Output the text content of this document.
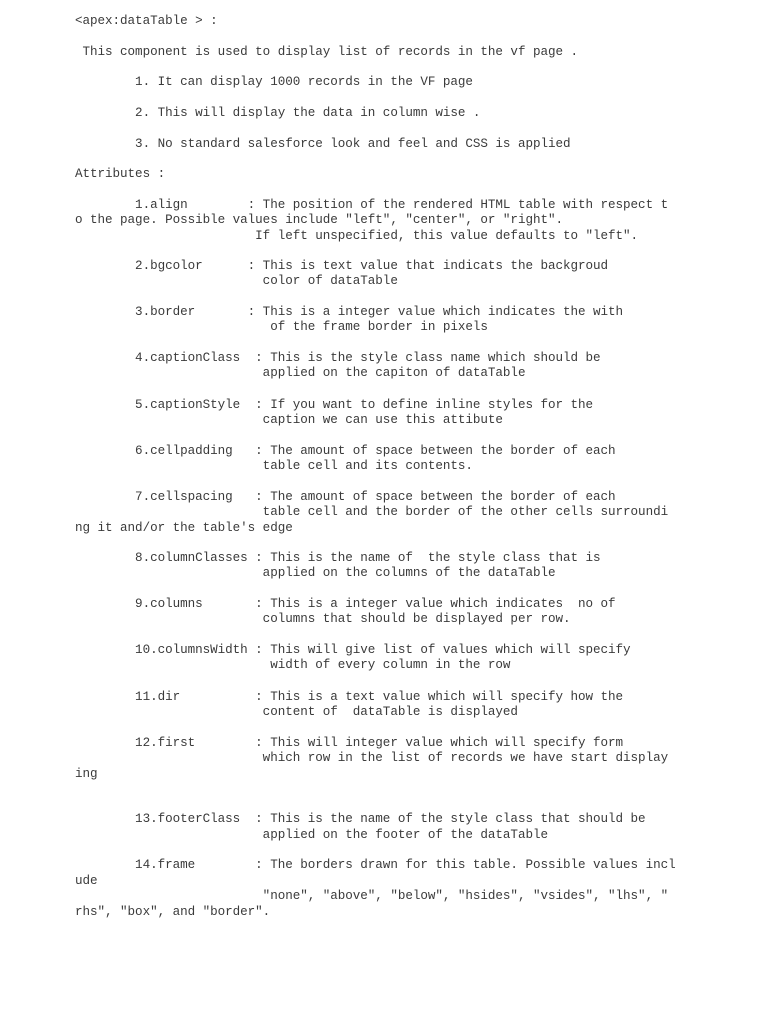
<apex:dataTable > :

This component is used to display list of records in the vf page .

1. It can display 1000 records in the VF page

2. This will display the data in column wise .

3. No standard salesforce look and feel and CSS is applied

Attributes :

1.align        : The position of the rendered HTML table with respect t

o the page. Possible values include "left", "center", or "right".

If left unspecified, this value defaults to "left".

2.bgcolor      : This is text value that indicats the backgroud

color of dataTable

3.border       : This is a integer value which indicates the with

of the frame border in pixels

4.captionClass  : This is the style class name which should be

applied on the capiton of dataTable

5.captionStyle  : If you want to define inline styles for the

caption we can use this attibute

6.cellpadding   : The amount of space between the border of each

table cell and its contents.

7.cellspacing   : The amount of space between the border of each

table cell and the border of the other cells surroundi

ng it and/or the table's edge

8.columnClasses : This is the name of  the style class that is

applied on the columns of the dataTable

9.columns       : This is a integer value which indicates  no of

columns that should be displayed per row.

10.columnsWidth : This will give list of values which will specify

width of every column in the row

11.dir          : This is a text value which will specify how the

content of  dataTable is displayed

12.first        : This will integer value which will specify form

which row in the list of records we have start display

ing

13.footerClass  : This is the name of the style class that should be

applied on the footer of the dataTable

14.frame        : The borders drawn for this table. Possible values incl

ude

"none", "above", "below", "hsides", "vsides", "lhs", "

rhs", "box", and "border".
